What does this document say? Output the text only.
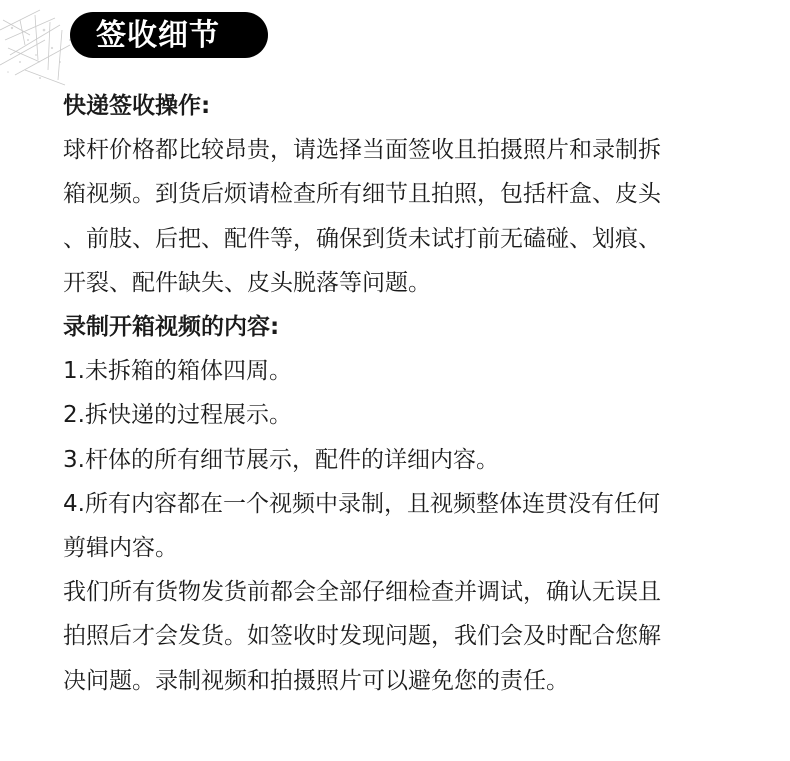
签收细节
快递签收操作:
球杆价格都比较昂贵，请选择当面签收且拍摄照片和录制拆
箱视频。到货后烦请检查所有细节且拍照，包括杆盒、皮头
、前肢、后把、配件等，确保到货未试打前无磕碰、划痕、
开裂、配件缺失、皮头脱落等问题。
录制开箱视频的内容:
1.未拆箱的箱体四周。
2.拆快递的过程展示。
3.杆体的所有细节展示，配件的详细内容。
4.所有内容都在一个视频中录制，且视频整体连贯没有任何
剪辑内容。
我们所有货物发货前都会全部仔细检查并调试，确认无误且
拍照后才会发货。如签收时发现问题，我们会及时配合您解
决问题。录制视频和拍摄照片可以避免您的责任。
